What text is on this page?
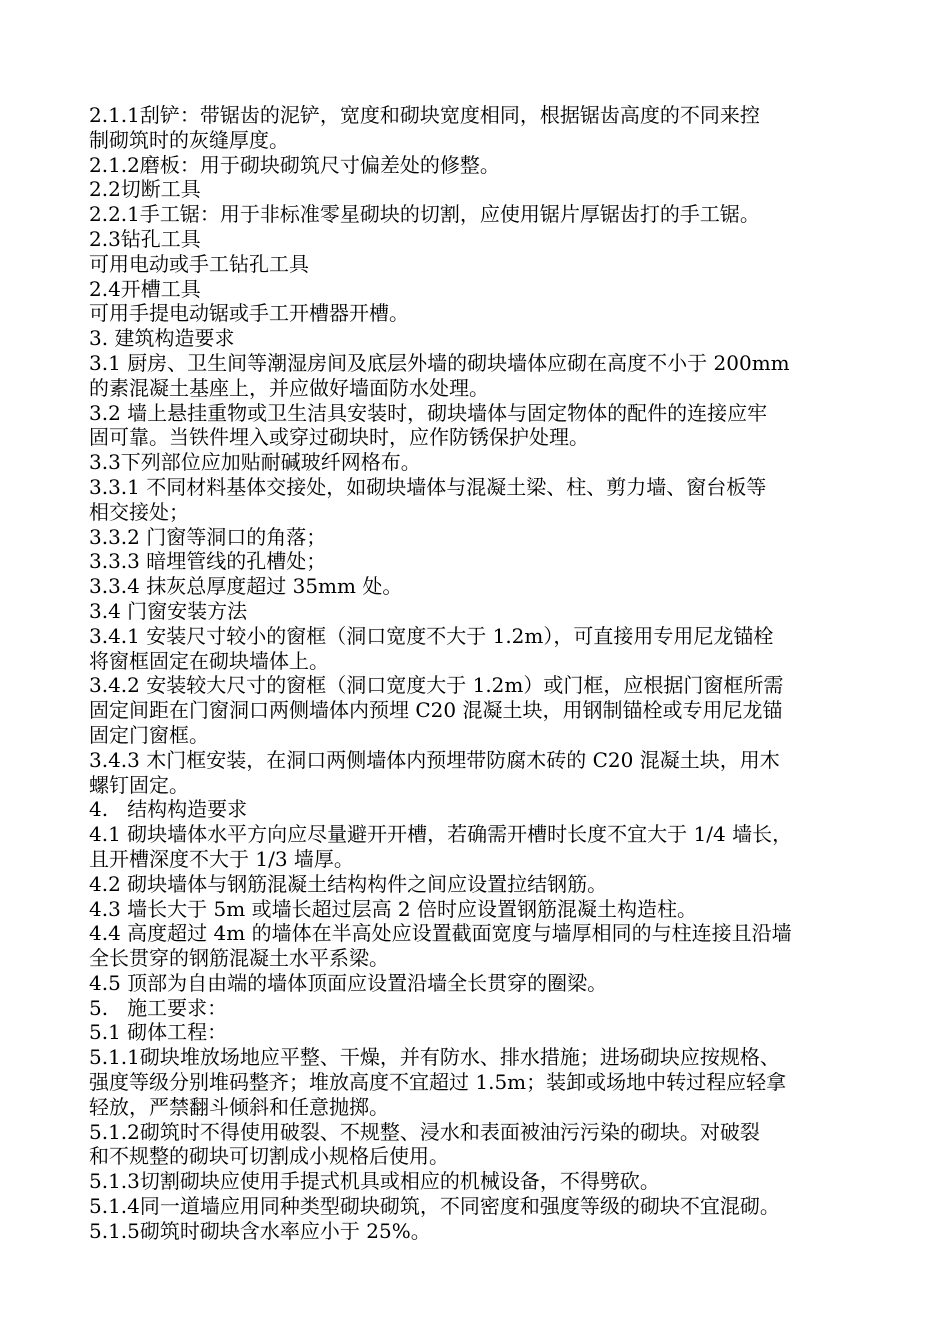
2.1.1刮铲：带锯齿的泥铲，宽度和砌块宽度相同，根据锯齿高度的不同来控
制砌筑时的灰缝厚度。
2.1.2磨板：用于砌块砌筑尺寸偏差处的修整。
2.2切断工具
2.2.1手工锯：用于非标准零星砌块的切割，应使用锯片厚锯齿打的手工锯。
2.3钻孔工具
可用电动或手工钻孔工具
2.4开槽工具
可用手提电动锯或手工开槽器开槽。
3. 建筑构造要求
3.1 厨房、卫生间等潮湿房间及底层外墙的砌块墙体应砌在高度不小于 200mm
的素混凝土基座上，并应做好墙面防水处理。
3.2 墙上悬挂重物或卫生洁具安装时，砌块墙体与固定物体的配件的连接应牢
固可靠。当铁件埋入或穿过砌块时，应作防锈保护处理。
3.3下列部位应加贴耐碱玻纤网格布。
3.3.1 不同材料基体交接处，如砌块墙体与混凝土梁、柱、剪力墙、窗台板等
相交接处；
3.3.2 门窗等洞口的角落；
3.3.3 暗埋管线的孔槽处；
3.3.4 抹灰总厚度超过 35mm 处。
3.4 门窗安装方法
3.4.1 安装尺寸较小的窗框（洞口宽度不大于 1.2m），可直接用专用尼龙锚栓
将窗框固定在砌块墙体上。
3.4.2 安装较大尺寸的窗框（洞口宽度大于 1.2m）或门框，应根据门窗框所需
固定间距在门窗洞口两侧墙体内预埋 C20 混凝土块，用钢制锚栓或专用尼龙锚
固定门窗框。
3.4.3 木门框安装，在洞口两侧墙体内预埋带防腐木砖的 C20 混凝土块，用木
螺钉固定。
4.   结构构造要求
4.1 砌块墙体水平方向应尽量避开开槽，若确需开槽时长度不宜大于 1/4 墙长，
且开槽深度不大于 1/3 墙厚。
4.2 砌块墙体与钢筋混凝土结构构件之间应设置拉结钢筋。
4.3 墙长大于 5m 或墙长超过层高 2 倍时应设置钢筋混凝土构造柱。
4.4 高度超过 4m 的墙体在半高处应设置截面宽度与墙厚相同的与柱连接且沿墙
全长贯穿的钢筋混凝土水平系梁。
4.5 顶部为自由端的墙体顶面应设置沿墙全长贯穿的圈梁。
5.   施工要求：
5.1 砌体工程：
5.1.1砌块堆放场地应平整、干燥，并有防水、排水措施；进场砌块应按规格、
强度等级分别堆码整齐；堆放高度不宜超过 1.5m；装卸或场地中转过程应轻拿
轻放，严禁翻斗倾斜和任意抛掷。
5.1.2砌筑时不得使用破裂、不规整、浸水和表面被油污污染的砌块。对破裂
和不规整的砌块可切割成小规格后使用。
5.1.3切割砌块应使用手提式机具或相应的机械设备，不得劈砍。
5.1.4同一道墙应用同种类型砌块砌筑，不同密度和强度等级的砌块不宜混砌。
5.1.5砌筑时砌块含水率应小于 25%。
